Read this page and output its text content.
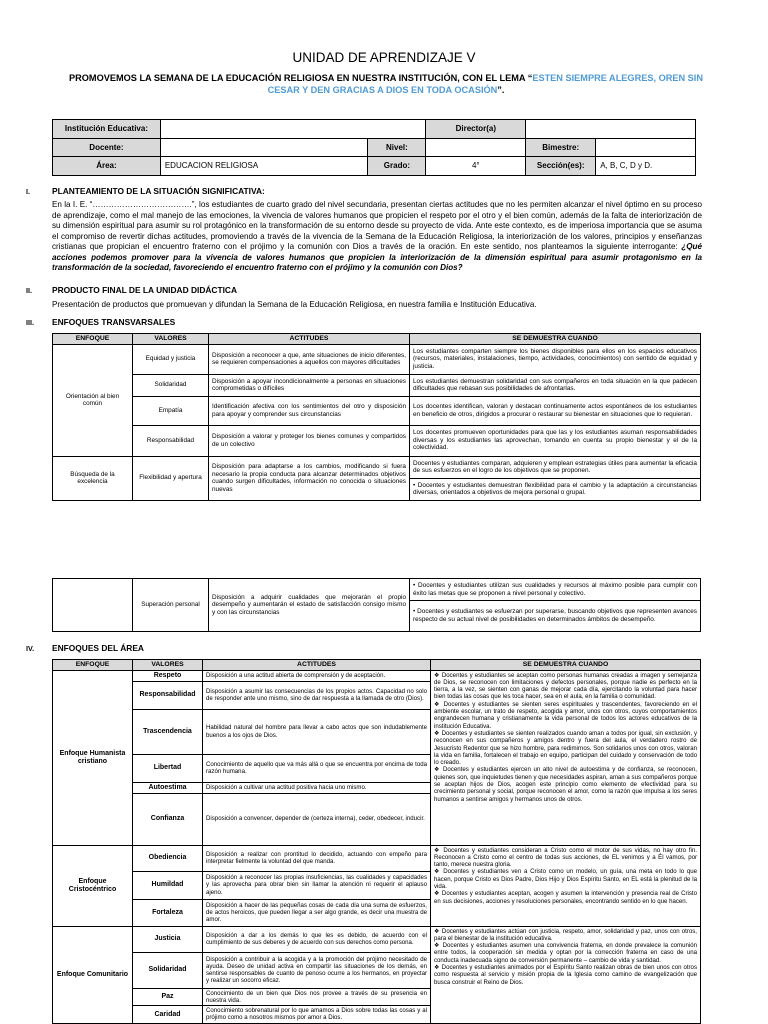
UNIDAD DE APRENDIZAJE V
PROMOVEMOS LA SEMANA DE LA EDUCACIÓN RELIGIOSA EN NUESTRA INSTITUCIÓN, CON EL LEMA “ESTEN SIEMPRE ALEGRES, OREN SIN CESAR Y DEN GRACIAS A DIOS EN TODA OCASIÓN”.
Institución Educativa:			Director(a)		
Docente:		Nivel:		Bimestre:	
Área:	EDUCACION RELIGIOSA	Grado:	4°	Sección(es):	A, B, C, D y D.
I.	PLANTEAMIENTO DE LA SITUACIÓN SIGNIFICATIVA:
En la I. E. “……………………………….”, los estudiantes de cuarto grado del nivel secundaria, presentan ciertas actitudes que no les permiten alcanzar el nivel óptimo en su proceso de aprendizaje, como el mal manejo de las emociones, la vivencia de valores humanos que propicien el respeto por el otro y el bien común, además de la falta de interiorización de su dimensión espiritual para asumir su rol protagónico en la transformación de su entorno desde su proyecto de vida. Ante este contexto, es de imperiosa importancia que se asuma el compromiso de revertir dichas actitudes, promoviendo a través de la vivencia de la Semana de la Educación Religiosa, la interiorización de los valores, principios y enseñanzas cristianas que propician el encuentro fraterno con el prójimo y la comunión con Dios a través de la oración. En este sentido, nos planteamos la siguiente interrogante: ¿Qué acciones podemos promover para la vivencia de valores humanos que propicien la interiorización de la dimensión espiritual para asumir protagonismo en la transformación de la sociedad, favoreciendo el encuentro fraterno con el prójimo y la comunión con Dios?
II. PRODUCTO FINAL DE LA UNIDAD DIDÁCTICA
Presentación de productos que promuevan y difundan la Semana de la Educación Religiosa, en nuestra familia e Institución Educativa.
III. ENFOQUES TRANSVARSALES
ENFOQUE	VALORES	ACTITUDES	SE DEMUESTRA CUANDO
Orientación al bien común	Equidad y justicia	Disposición a reconocer a que, ante situaciones de inicio diferentes, se requieren compensaciones a aquellos con mayores dificultades	Los estudiantes comparten siempre los bienes disponibles para ellos en los espacios educativos (recursos, materiales, instalaciones, tiempo, actividades, conocimientos) con sentido de equidad y justicia.
	Solidaridad	Disposición a apoyar incondicionalmente a personas en situaciones comprometidas o difíciles	Los estudiantes demuestran solidaridad con sus compañeros en toda situación en la que padecen dificultades que rebasan sus posibilidades de afrontarlas.
	Empatía	Identificación afectiva con los sentimientos del otro y disposición para apoyar y comprender sus circunstancias	Los docentes identifican, valoran y destacan continuamente actos espontáneos de los estudiantes en beneficio de otros, dirigidos a procurar o restaurar su bienestar en situaciones que lo requieran.
	Responsabilidad	Disposición a valorar y proteger los bienes comunes y compartidos de un colectivo	Los docentes promueven oportunidades para que las y los estudiantes asuman responsabilidades diversas y los estudiantes las aprovechan, tomando en cuenta su propio bienestar y el de la colectividad.
Búsqueda de la excelencia	Flexibilidad y apertura	Disposición para adaptarse a los cambios, modificando si fuera necesario la propia conducta para alcanzar determinados objetivos cuando surgen dificultades, información no conocida o situaciones nuevas	Docentes y estudiantes comparan, adquieren y emplean estrategias útiles para aumentar la eficacia de sus esfuerzos en el logro de los objetivos que se proponen.
			• Docentes y estudiantes demuestran flexibilidad para el cambio y la adaptación a circunstancias diversas, orientados a objetivos de mejora personal o grupal.
	Superación personal	Disposición a adquirir cualidades que mejorarán el propio desempeño y aumentarán el estado de satisfacción consigo mismo y con las circunstancias	• Docentes y estudiantes utilizan sus cualidades y recursos al máximo posible para cumplir con éxito las metas que se proponen a nivel personal y colectivo.
• Docentes y estudiantes se esfuerzan por superarse, buscando objetivos que representen avances respecto de su actual nivel de posibilidades en determinados ámbitos de desempeño.
IV. ENFOQUES DEL ÁREA
ENFOQUE	VALORES	ACTITUDES	SE DEMUESTRA CUANDO
Enfoque Humanista cristiano	Respeto	Disposición a una actitud abierta de comprensión y de aceptación.	❖ Docentes y estudiantes se aceptan como personas humanas creadas a imagen y semejanza de Dios, se reconocen con limitaciones y defectos personales, porque nadie es perfecto en la tierra, a la vez, se sienten con ganas de mejorar cada día, ejercitando la voluntad para hacer bien todas las cosas que les toca hacer, sea en el aula, en la familia o comunidad.
❖ Docentes y estudiantes se sienten seres espirituales y trascendentes, favoreciendo en el ambiente escolar, un trato de respeto, acogida y amor, unos con otros, cuyos comportamientos engrandecen humana y cristianamente la vida personal de todos los actores educativos de la institución Educativa.
❖ Docentes y estudiantes se sienten realizados cuando aman a todos por igual, sin exclusión, y reconocen en sus compañeros y amigos dentro y fuera del aula, el verdadero rostro de Jesucristo Redentor que se hizo hombre, para redimirnos. Son solidarios unos con otros, valoran la vida en familia, fortalecen el trabajo en equipo, participan del cuidado y conservación de todo lo creado.
❖ Docentes y estudiantes ejercen un alto nivel de autoestima y de confianza, se reconocen, quienes son, que inquietudes tienen y que necesidades aspiran, aman a sus compañeros porque se aceptan hijos de Dios, acogen este principio como elemento de efectividad para su crecimiento personal y social, porque reconocen el amor, como la razón que impulsa a los seres humanos a sentirse amigos y hermanos unos de otros.
	Responsabilidad	Disposición a asumir las consecuencias de los propios actos. Capacidad no solo de responder ante uno mismo, sino de dar respuesta a la llamada de otro (Dios).	
	Trascendencia	Habilidad natural del hombre para llevar a cabo actos que son indudablemente buenos a los ojos de Dios.	
	Libertad	Conocimiento de aquello que va más allá o que se encuentra por encima de toda razón humana.	
	Autoestima	Disposición a cultivar una actitud positiva hacia uno mismo.	
	Confianza	Disposición a convencer, depender de (certeza interna), ceder, obedecer, inducir.	
Enfoque Cristocéntrico	Obediencia	Disposición a realizar con prontitud lo decidido, actuando con empeño para interpretar fielmente la voluntad del que manda.	❖ Docentes y estudiantes consideran a Cristo como el motor de sus vidas, no hay otro fin. Reconocen a Cristo como el centro de todas sus acciones, de EL venimos y a Él vamos, por tanto, merece nuestra gloria.
❖ Docentes y estudiantes ven a Cristo como un modelo, un guía, una meta en todo lo que hacen, porque Cristo es Dios Padre, Dios Hijo y Dios Espíritu Santo, en EL está la plenitud de la vida.
❖ Docentes y estudiantes aceptan, acogen y asumen la intervención y presencia real de Cristo en sus decisiones, acciones y resoluciones personales, encontrando sentido en lo que hacen.
	Humildad	Disposición a reconocer las propias insuficiencias, las cualidades y capacidades y las aprovecha para obrar bien sin llamar la atención ni requerir el aplauso ajeno.	
	Fortaleza	Disposición a hacer de las pequeñas cosas de cada día una suma de esfuerzos, de actos heroicos, que pueden llegar a ser algo grande, es decir una muestra de amor.	
Enfoque Comunitario	Justicia	Disposición a dar a los demás lo que les es debido, de acuerdo con el cumplimiento de sus deberes y de acuerdo con sus derechos como persona.	❖ Docentes y estudiantes actúan con justicia, respeto, amor, solidaridad y paz, unos con otros, para el bienestar de la institución educativa.
❖ Docentes y estudiantes asumen una convivencia fraterna, en donde prevalece la comunión entre todos, la cooperación sin medida y optan por la corrección fraterna en caso de una conducta inadecuada signo de conversión permanente – cambio de vida y santidad.
❖ Docentes y estudiantes animados por el Espíritu Santo realizan obras de bien unos con otros como respuesta al servicio y misión propia de la Iglesia como camino de evangelización que busca construir el Reino de Dios.
	Solidaridad	Disposición a contribuir a la acogida y a la promoción del prójimo necesitado de ayuda. Deseo de unidad activa en compartir las situaciones de los demás, en sentirse responsables de cuanto de penoso ocurre a los hermanos, en proyectar y realizar un socorro eficaz.	
	Paz	Conocimiento de un bien que Dios nos provee a través de su presencia en nuestra vida.	
	Caridad	Conocimiento sobrenatural por lo que amamos a Dios sobre todas las cosas y al prójimo como a nosotros mismos por amor a Dios.	
